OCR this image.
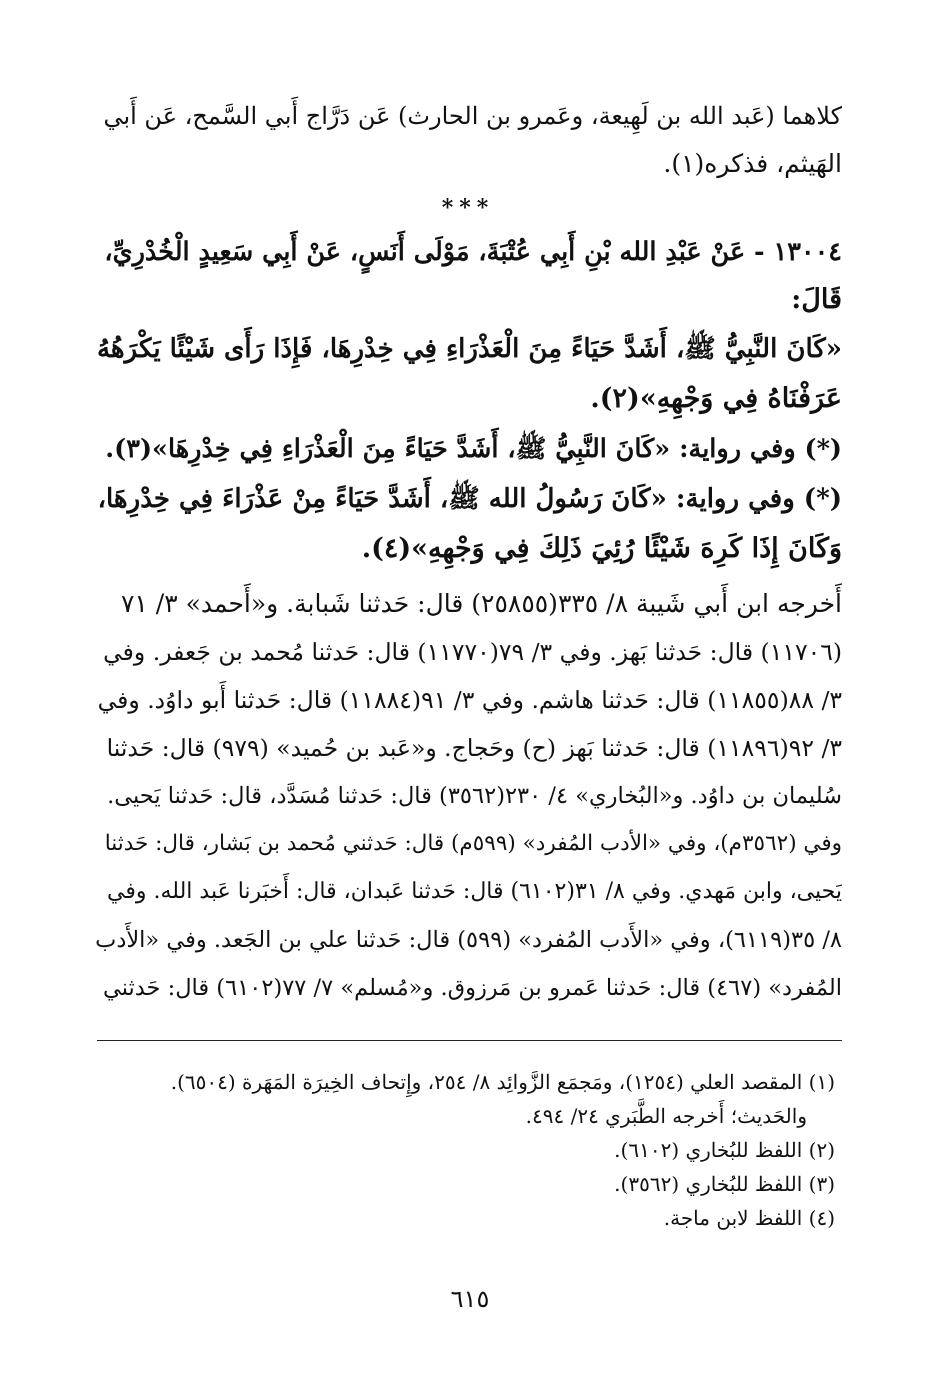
كلاهما (عَبد الله بن لَهِيعة، وعَمرو بن الحارث) عَن دَرَّاج أَبي السَّمح، عَن أَبي
الهَيثم، فذكره(١).
***
١٣٠٠٤ - عَنْ عَبْدِ الله بْنِ أَبِي عُتْبَةَ، مَوْلَى أَنَسٍ، عَنْ أَبِي سَعِيدٍ الْخُدْرِيِّ،
قَالَ:
«كَانَ النَّبِيُّ ﷺ، أَشَدَّ حَيَاءً مِنَ الْعَذْرَاءِ فِي خِدْرِهَا، فَإِذَا رَأَى شَيْئًا يَكْرَهُهُ
عَرَفْنَاهُ فِي وَجْهِهِ»(٢).
(*) وفي رواية: «كَانَ النَّبِيُّ ﷺ، أَشَدَّ حَيَاءً مِنَ الْعَذْرَاءِ فِي خِدْرِهَا»(٣).
(*) وفي رواية: «كَانَ رَسُولُ الله ﷺ، أَشَدَّ حَيَاءً مِنْ عَذْرَاءَ فِي خِدْرِهَا،
وَكَانَ إِذَا كَرِهَ شَيْئًا رُئِيَ ذَلِكَ فِي وَجْهِهِ»(٤).
أَخرجه ابن أَبي شَيبة ٨/ ٣٣٥(٢٥٨٥٥) قال: حَدثنا شَبابة. و«أَحمد» ٣/ ٧١
(١١٧٠٦) قال: حَدثنا بَهز. وفي ٣/ ٧٩(١١٧٧٠) قال: حَدثنا مُحمد بن جَعفر. وفي
٣/ ٨٨(١١٨٥٥) قال: حَدثنا هاشم. وفي ٣/ ٩١(١١٨٨٤) قال: حَدثنا أَبو داوُد. وفي
٣/ ٩٢(١١٨٩٦) قال: حَدثنا بَهز (ح) وحَجاج. و«عَبد بن حُميد» (٩٧٩) قال: حَدثنا
سُليمان بن داوُد. و«البُخاري» ٤/ ٢٣٠(٣٥٦٢) قال: حَدثنا مُسَدَّد، قال: حَدثنا يَحيى.
وفي (٣٥٦٢م)، وفي «الأدب المُفرد» (٥٩٩م) قال: حَدثني مُحمد بن بَشار، قال: حَدثنا
يَحيى، وابن مَهدي. وفي ٨/ ٣١(٦١٠٢) قال: حَدثنا عَبدان، قال: أَخبَرنا عَبد الله. وفي
٨/ ٣٥(٦١١٩)، وفي «الأَدب المُفرد» (٥٩٩) قال: حَدثنا علي بن الجَعد. وفي «الأَدب
المُفرد» (٤٦٧) قال: حَدثنا عَمرو بن مَرزوق. و«مُسلم» ٧/ ٧٧(٦١٠٢) قال: حَدثني
(١) المقصد العلي (١٢٥٤)، ومَجمَع الزَّوائِد ٨/ ٢٥٤، وإِتحاف الخِيرَة المَهَرة (٦٥٠٤).
والحَديث؛ أَخرجه الطَّبَري ٢٤/ ٤٩٤.
(٢) اللفظ للبُخاري (٦١٠٢).
(٣) اللفظ للبُخاري (٣٥٦٢).
(٤) اللفظ لابن ماجة.
٦١٥
